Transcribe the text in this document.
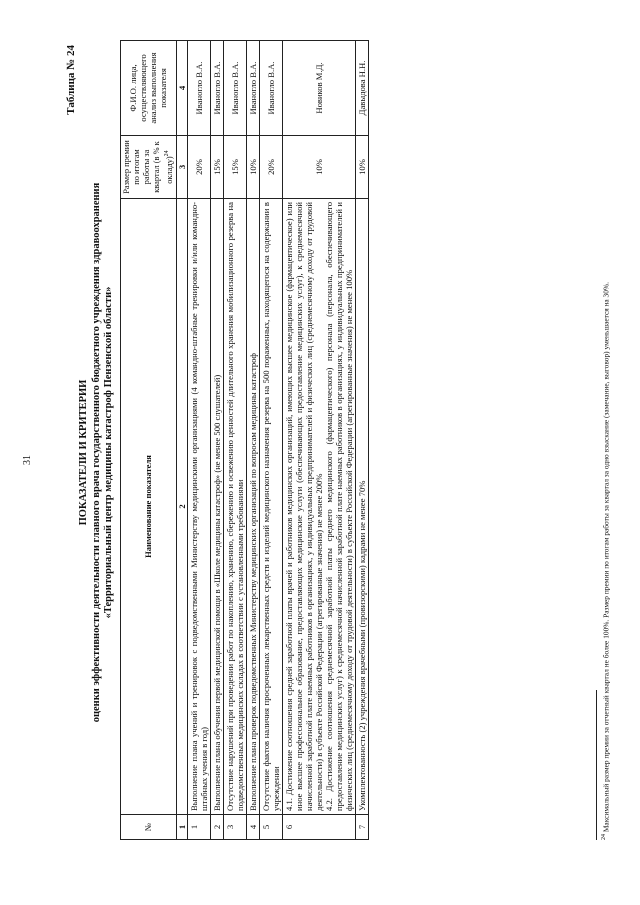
31
Таблица № 24
ПОКАЗАТЕЛИ И КРИТЕРИИ оценки эффективности деятельности главного врача государственного бюджетного учреждения здравоохранения «Территориальный центр медицины катастроф Пензенской области»
№	Наименование показателя	Размер премии по итогам работы за квартал (в % к окладу)$^{24}$	Ф.И.О. лица, осуществляющего анализ выполнения показателя
1	2	3	4
1	Выполнение плана учений и тренировок с подведомственными Министерству медицинскими организациями (4 командно-штабные тренировки и/или командно-штабных учения в год)	20%	Иваноглo В.А.
2	Выполнение плана обучения первой медицинской помощи в «Школе медицины катастроф» (не менее 500 слушателей)	15%	Иваноглo В.А.
3	Отсутствие нарушений при проведении работ по накоплению, хранению, сбережению и освежению ценностей длительного хранения мобилизационного резерва на подведомственных медицинских складах в соответствии с установленными требованиями	15%	Иваноглo В.А.
4	Выполнение плана проверок подведомственных Министерству медицинских организаций по вопросам медицины катастроф	10%	Иваноглo В.А.
5	Отсутствие фактов наличия просроченных лекарственных средств и изделий медицинского назначения резерва на 500 пораженных, находящегося на содержании в учреждении	20%	Иваноглo В.А.
6	4.1. Достижение соотношения средней заработной платы врачей и работников медицинских организаций, имеющих высшее медицинское (фармацевтическое) или иное высшее профессиональное образование, предоставляющих медицинские услуги (обеспечивающих предоставление медицинских услуг), к среднемесячной начисленной заработной плате наемных работников в организациях, у индивидуальных предпринимателей и физических лиц (среднемесячному доходу от трудовой деятельности) в субъекте Российской Федерации (агрегированные значения) не менее 200% 4.2. Достижение соотношения среднемесячной заработной платы среднего медицинского (фармацевтического) персонала (персонала, обеспечивающего предоставление медицинских услуг) к среднемесячной начисленной заработной плате наемных работников в организациях, у индивидуальных предпринимателей и физических лиц (среднемесячному доходу от трудовой деятельности) в субъекте Российской Федерации (агрегированные значения) не менее 100%	10%	Новиков М.Д.
7	Укомплектованность (2) учреждения врачебными (провизорскими) кадрами не менее 70%	10%	Давыдова Н.Н.
$^{24}$ Максимальный размер премии за отчетный квартал не более 100%. Размер премии по итогам работы за квартал за одно взыскание (замечание, выговор) уменьшается на 30%.
